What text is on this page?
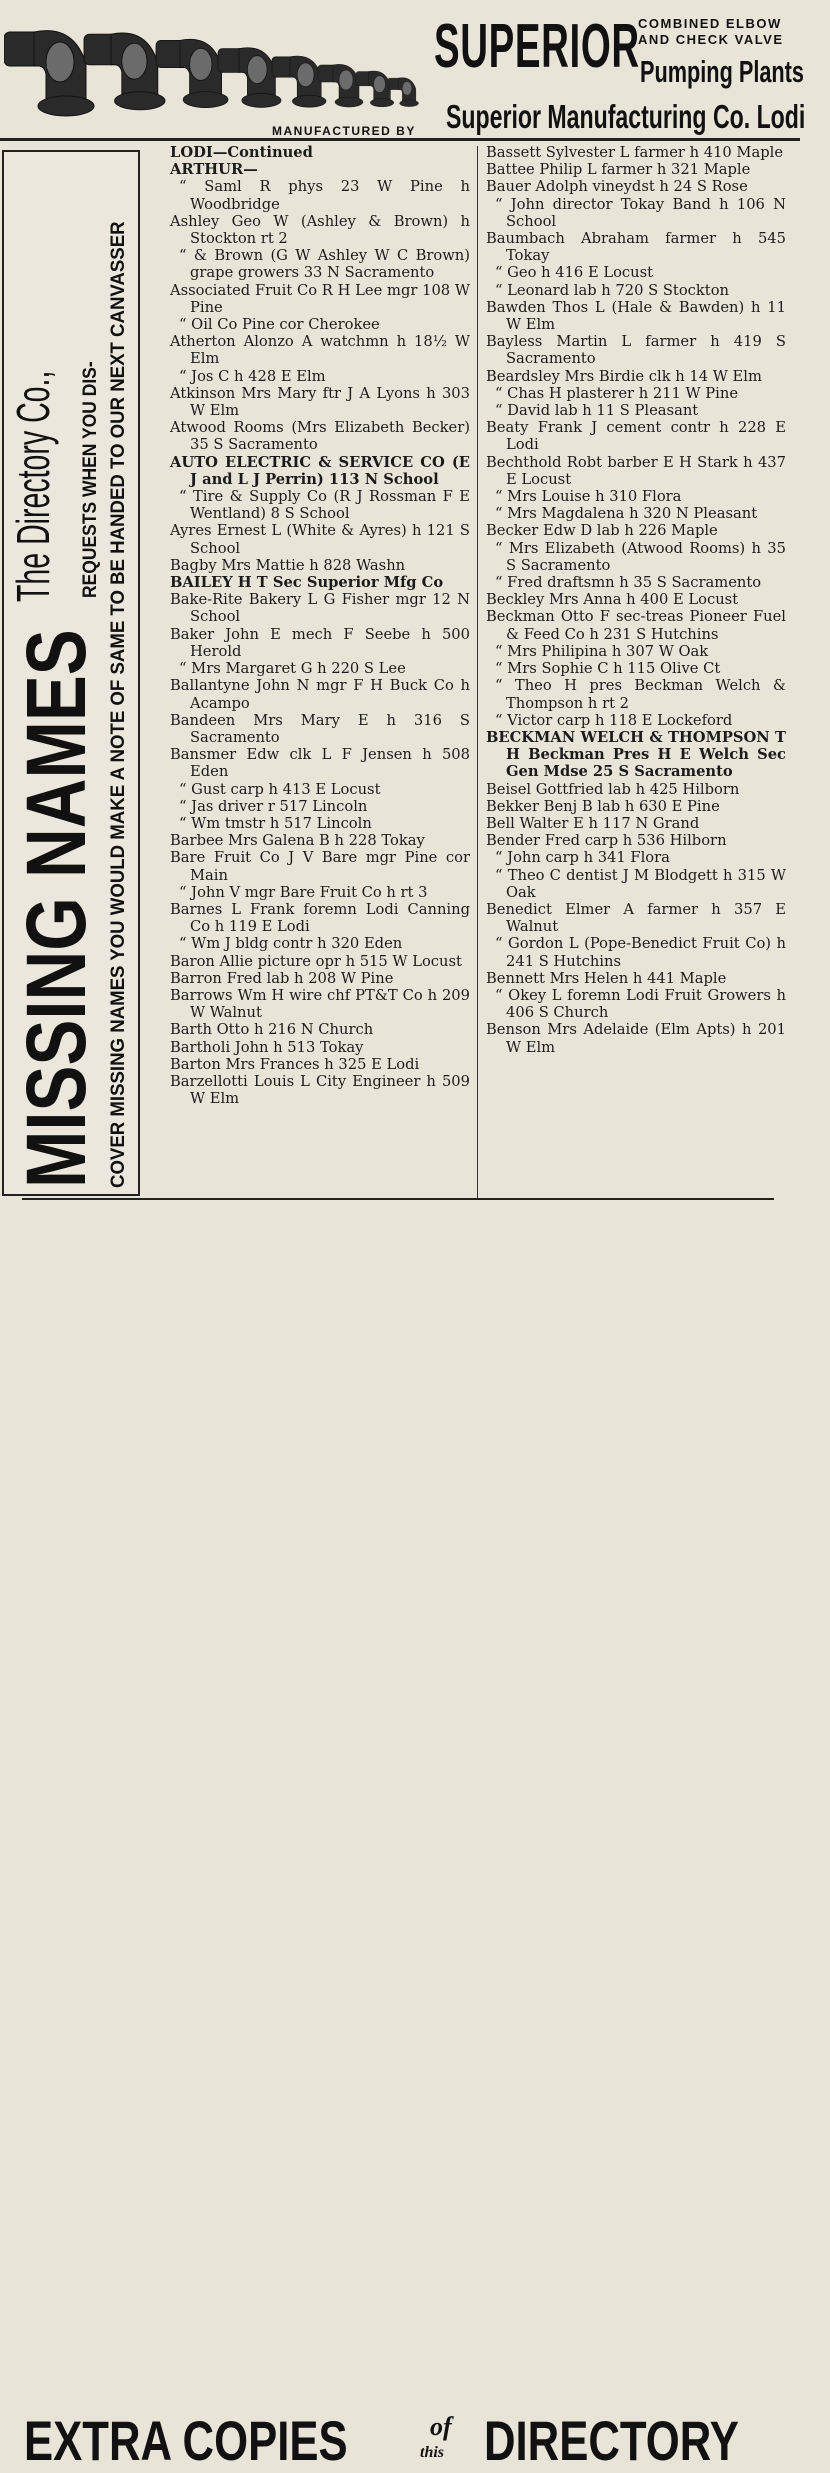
SUPERIOR
COMBINED ELBOW
AND CHECK VALVE
Pumping Plants
MANUFACTURED BY Superior Manufacturing Co. Lodi
MISSING NAMES
The Directory Co., REQUESTS WHEN YOU DIS- COVER MISSING NAMES YOU WOULD MAKE A NOTE OF SAME TO BE HANDED TO OUR NEXT CANVASSER

LODI—Continued

ARTHUR—

“ Saml R phys 23 W Pine h Woodbridge

Ashley Geo W (Ashley & Brown) h Stockton rt 2

“ & Brown (G W Ashley W C Brown) grape growers 33 N Sacramento

Associated Fruit Co R H Lee mgr 108 W Pine

“ Oil Co Pine cor Cherokee

Atherton Alonzo A watchmn h 18½ W Elm

“ Jos C h 428 E Elm

Atkinson Mrs Mary ftr J A Lyons h 303 W Elm

Atwood Rooms (Mrs Elizabeth Becker) 35 S Sacramento

AUTO ELECTRIC & SERVICE CO (E J and L J Perrin) 113 N School

“ Tire & Supply Co (R J Rossman F E Wentland) 8 S School

Ayres Ernest L (White & Ayres) h 121 S School

Bagby Mrs Mattie h 828 Washn

BAILEY H T Sec Superior Mfg Co

Bake-Rite Bakery L G Fisher mgr 12 N School

Baker John E mech F Seebe h 500 Herold

“ Mrs Margaret G h 220 S Lee

Ballantyne John N mgr F H Buck Co h Acampo

Bandeen Mrs Mary E h 316 S Sacramento

Bansmer Edw clk L F Jensen h 508 Eden

“ Gust carp h 413 E Locust

“ Jas driver r 517 Lincoln

“ Wm tmstr h 517 Lincoln

Barbee Mrs Galena B h 228 Tokay

Bare Fruit Co J V Bare mgr Pine cor Main

“ John V mgr Bare Fruit Co h rt 3

Barnes L Frank foremn Lodi Canning Co h 119 E Lodi

“ Wm J bldg contr h 320 Eden

Baron Allie picture opr h 515 W Locust

Barron Fred lab h 208 W Pine

Barrows Wm H wire chf PT&T Co h 209 W Walnut

Barth Otto h 216 N Church

Bartholi John h 513 Tokay

Barton Mrs Frances h 325 E Lodi

Barzellotti Louis L City Engineer h 509 W Elm

Bassett Sylvester L farmer h 410 Maple

Battee Philip L farmer h 321 Maple

Bauer Adolph vineydst h 24 S Rose

“ John director Tokay Band h 106 N School

Baumbach Abraham farmer h 545 Tokay

“ Geo h 416 E Locust

“ Leonard lab h 720 S Stockton

Bawden Thos L (Hale & Bawden) h 11 W Elm

Bayless Martin L farmer h 419 S Sacramento

Beardsley Mrs Birdie clk h 14 W Elm

“ Chas H plasterer h 211 W Pine

“ David lab h 11 S Pleasant

Beaty Frank J cement contr h 228 E Lodi

Bechthold Robt barber E H Stark h 437 E Locust

“ Mrs Louise h 310 Flora

“ Mrs Magdalena h 320 N Pleasant

Becker Edw D lab h 226 Maple

“ Mrs Elizabeth (Atwood Rooms) h 35 S Sacramento

“ Fred draftsmn h 35 S Sacramento

Beckley Mrs Anna h 400 E Locust

Beckman Otto F sec-treas Pioneer Fuel & Feed Co h 231 S Hutchins

“ Mrs Philipina h 307 W Oak

“ Mrs Sophie C h 115 Olive Ct

“ Theo H pres Beckman Welch & Thompson h rt 2

“ Victor carp h 118 E Lockeford

BECKMAN WELCH & THOMPSON T H Beckman Pres H E Welch Sec Gen Mdse 25 S Sacramento

Beisel Gottfried lab h 425 Hilborn

Bekker Benj B lab h 630 E Pine

Bell Walter E h 117 N Grand

Bender Fred carp h 536 Hilborn

“ John carp h 341 Flora

“ Theo C dentist J M Blodgett h 315 W Oak

Benedict Elmer A farmer h 357 E Walnut

“ Gordon L (Pope-Benedict Fruit Co) h 241 S Hutchins

Bennett Mrs Helen h 441 Maple

“ Okey L foremn Lodi Fruit Growers h 406 S Church

Benson Mrs Adelaide (Elm Apts) h 201 W Elm

EXTRA COPIES	of
this DIRECTORY
